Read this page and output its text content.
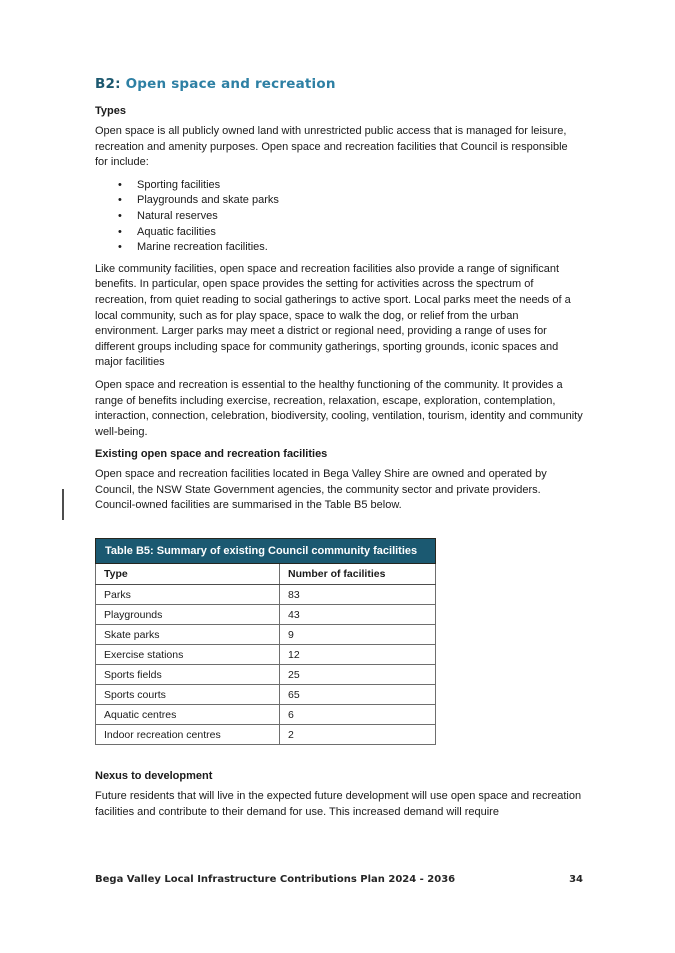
B2: Open space and recreation
Types

Open space is all publicly owned land with unrestricted public access that is managed for leisure, recreation and amenity purposes. Open space and recreation facilities that Council is responsible for include:

• Sporting facilities
• Playgrounds and skate parks
• Natural reserves
• Aquatic facilities
• Marine recreation facilities.

Like community facilities, open space and recreation facilities also provide a range of significant benefits. In particular, open space provides the setting for activities across the spectrum of recreation, from quiet reading to social gatherings to active sport. Local parks meet the needs of a local community, such as for play space, space to walk the dog, or relief from the urban environment. Larger parks may meet a district or regional need, providing a range of uses for different groups including space for community gatherings, sporting grounds, iconic spaces and major facilities

Open space and recreation is essential to the healthy functioning of the community. It provides a range of benefits including exercise, recreation, relaxation, escape, exploration, contemplation, interaction, connection, celebration, biodiversity, cooling, ventilation, tourism, identity and community well-being.

Existing open space and recreation facilities

Open space and recreation facilities located in Bega Valley Shire are owned and operated by Council, the NSW State Government agencies, the community sector and private providers. Council-owned facilities are summarised in the Table B5 below.

Table B5: Summary of existing Council community facilities	
Type	Number of facilities
Parks	83
Playgrounds	43
Skate parks	9
Exercise stations	12
Sports fields	25
Sports courts	65
Aquatic centres	6
Indoor recreation centres	2
Nexus to development

Future residents that will live in the expected future development will use open space and recreation facilities and contribute to their demand for use. This increased demand will require

Bega Valley Local Infrastructure Contributions Plan 2024 - 2036	34
